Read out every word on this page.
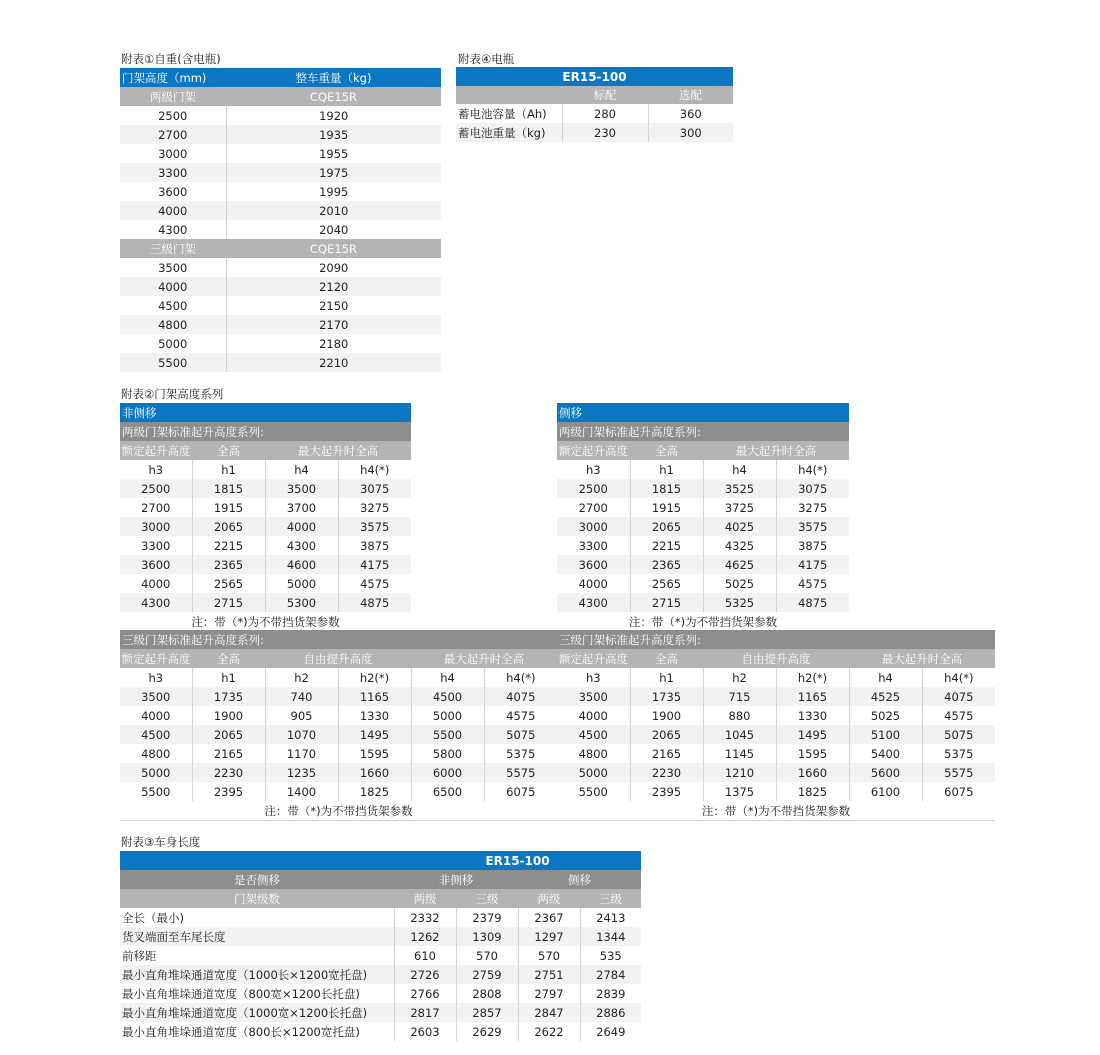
附表①自重(含电瓶)
门架高度（mm)	整车重量（kg)
两级门架	CQE15R
2500	1920
2700	1935
3000	1955
3300	1975
3600	1995
4000	2010
4300	2040
三级门架	CQE15R
3500	2090
4000	2120
4500	2150
4800	2170
5000	2180
5500	2210
附表④电瓶
ER15-100		
	标配	选配
蓄电池容量（Ah)	280	360
蓄电池重量（kg)	230	300
附表②门架高度系列
非侧移			
两级门架标准起升高度系列:			
额定起升高度	全高	最大起升时全高	
h3	h1	h4	h4(*)
2500	1815	3500	3075
2700	1915	3700	3275
3000	2065	4000	3575
3300	2215	4300	3875
3600	2365	4600	4175
4000	2565	5000	4575
4300	2715	5300	4875
注：带（*)为不带挡货架参数			
侧移			
两级门架标准起升高度系列:			
额定起升高度	全高	最大起升时全高	
h3	h1	h4	h4(*)
2500	1815	3525	3075
2700	1915	3725	3275
3000	2065	4025	3575
3300	2215	4325	3875
3600	2365	4625	4175
4000	2565	5025	4575
4300	2715	5325	4875
注：带（*)为不带挡货架参数			
三级门架标准起升高度系列:					
额定起升高度	全高	自由提升高度		最大起升时全高	
h3	h1	h2	h2(*)	h4	h4(*)
3500	1735	740	1165	4500	4075
4000	1900	905	1330	5000	4575
4500	2065	1070	1495	5500	5075
4800	2165	1170	1595	5800	5375
5000	2230	1235	1660	6000	5575
5500	2395	1400	1825	6500	6075
注：带（*)为不带挡货架参数					
三级门架标准起升高度系列:					
额定起升高度	全高	自由提升高度		最大起升时全高	
h3	h1	h2	h2(*)	h4	h4(*)
3500	1735	715	1165	4525	4075
4000	1900	880	1330	5025	4575
4500	2065	1045	1495	5100	5075
4800	2165	1145	1595	5400	5375
5000	2230	1210	1660	5600	5575
5500	2395	1375	1825	6100	6075
注：带（*)为不带挡货架参数					
附表③车身长度
ER15-100				
是否侧移	非侧移		侧移	
门架级数	两级	三级	两级	三级
全长（最小)	2332	2379	2367	2413
货叉端面至车尾长度	1262	1309	1297	1344
前移距	610	570	570	535
最小直角堆垛通道宽度（1000长×1200宽托盘)	2726	2759	2751	2784
最小直角堆垛通道宽度（800宽×1200长托盘)	2766	2808	2797	2839
最小直角堆垛通道宽度（1000宽×1200长托盘)	2817	2857	2847	2886
最小直角堆垛通道宽度（800长×1200宽托盘)	2603	2629	2622	2649
